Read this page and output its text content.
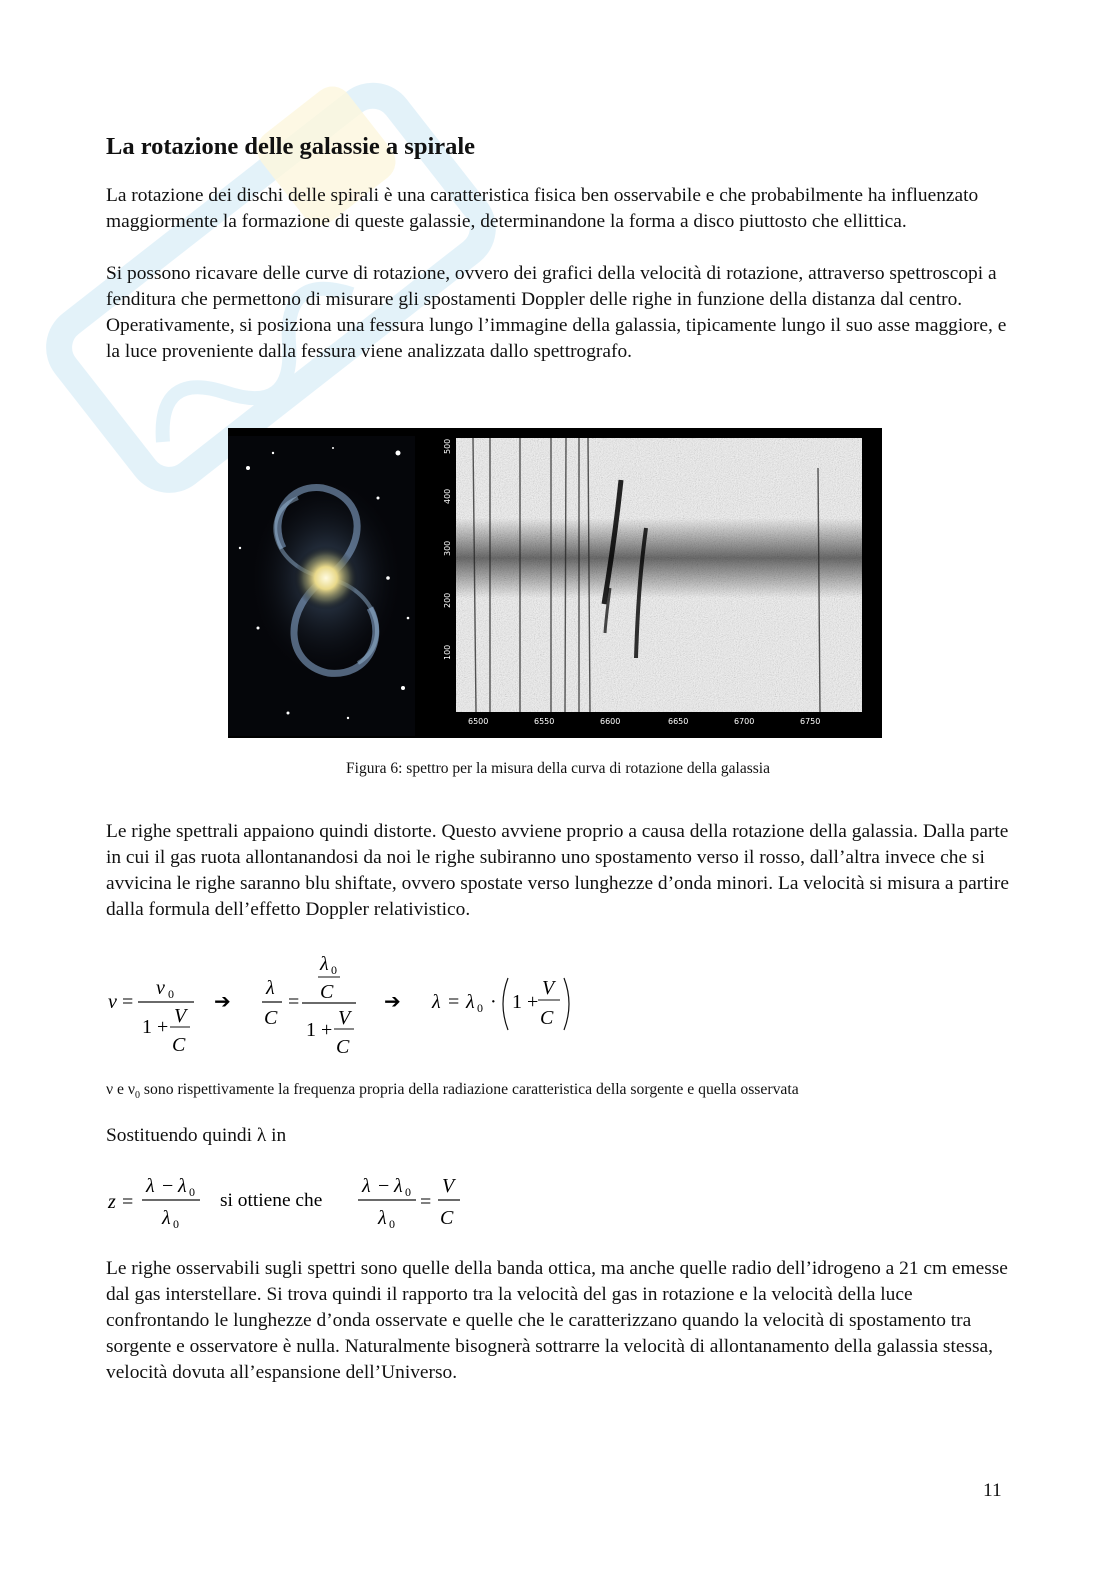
La rotazione delle galassie a spirale

La rotazione dei dischi delle spirali è una caratteristica fisica ben osservabile e che probabilmente ha influenzato maggiormente la formazione di queste galassie, determinandone la forma a disco piuttosto che ellittica.

Si possono ricavare delle curve di rotazione, ovvero dei grafici della velocità di rotazione, attraverso spettroscopi a fenditura che permettono di misurare gli spostamenti Doppler delle righe in funzione della distanza dal centro. Operativamente, si posiziona una fessura lungo l’immagine della galassia, tipicamente lungo il suo asse maggiore, e la luce proveniente dalla fessura viene analizzata dallo spettrografo.

100
200
300
400
500
6500	6550	6600	6650	6700	6750

Figura 6: spettro per la misura della curva di rotazione della galassia

Le righe spettrali appaiono quindi distorte. Questo avviene proprio a causa della rotazione della galassia. Dalla parte in cui il gas ruota allontanandosi da noi le righe subiranno uno spostamento verso il rosso, dall’altra invece che si avvicina le righe saranno blu shiftate, ovvero spostate verso lunghezze d’onda minori. La velocità si misura a partire dalla formula dell’effetto Doppler relativistico.

ν =
ν 0
1 + V
C
➔
λ
C
=
λ 0
C
1 +
V
C
➔ λ = λ 0 · 1 +
V
C

ν e $\nu_0$ sono rispettivamente la frequenza propria della radiazione caratteristica della sorgente e quella osservata

Sostituendo quindi λ in

z =
λ − λ 0
λ 0
si ottiene che
λ − λ 0
λ 0
=
V
C

Le righe osservabili sugli spettri sono quelle della banda ottica, ma anche quelle radio dell’idrogeno a 21 cm emesse dal gas interstellare. Si trova quindi il rapporto tra la velocità del gas in rotazione e la velocità della luce confrontando le lunghezze d’onda osservate e quelle che le caratterizzano quando la velocità di spostamento tra sorgente e osservatore è nulla. Naturalmente bisognerà sottrarre la velocità di allontanamento della galassia stessa, velocità dovuta all’espansione dell’Universo.

11
